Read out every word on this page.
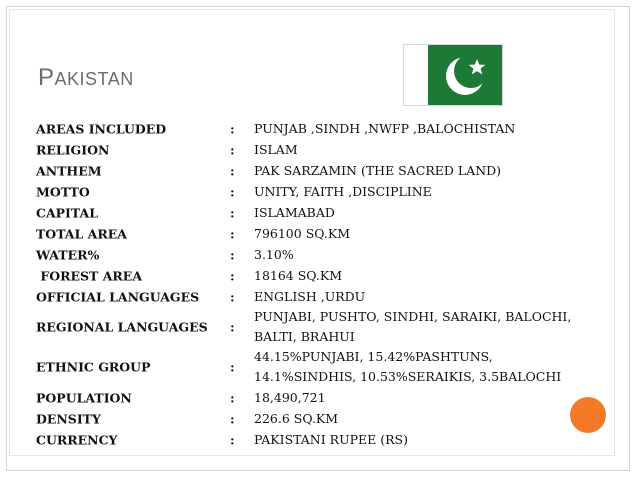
PAKISTAN
AREAS INCLUDED	: PUNJAB ,SINDH ,NWFP ,BALOCHISTAN
RELIGION	: ISLAM
ANTHEM	: PAK SARZAMIN (THE SACRED LAND)
MOTTO	: UNITY, FAITH ,DISCIPLINE
CAPITAL	: ISLAMABAD
TOTAL AREA	: 796100 SQ.KM
WATER%	: 3.10%
FOREST AREA	: 18164 SQ.KM
OFFICIAL LANGUAGES : ENGLISH ,URDU
REGIONAL LANGUAGES :
PUNJABI, PUSHTO, SINDHI, SARAIKI, BALOCHI,
BALTI, BRAHUI
ETHNIC GROUP	:
44.15%PUNJABI, 15.42%PASHTUNS,
14.1%SINDHIS, 10.53%SERAIKIS, 3.5BALOCHI
POPULATION	: 18,490,721
DENSITY	: 226.6 SQ.KM
CURRENCY	: PAKISTANI RUPEE (RS)
